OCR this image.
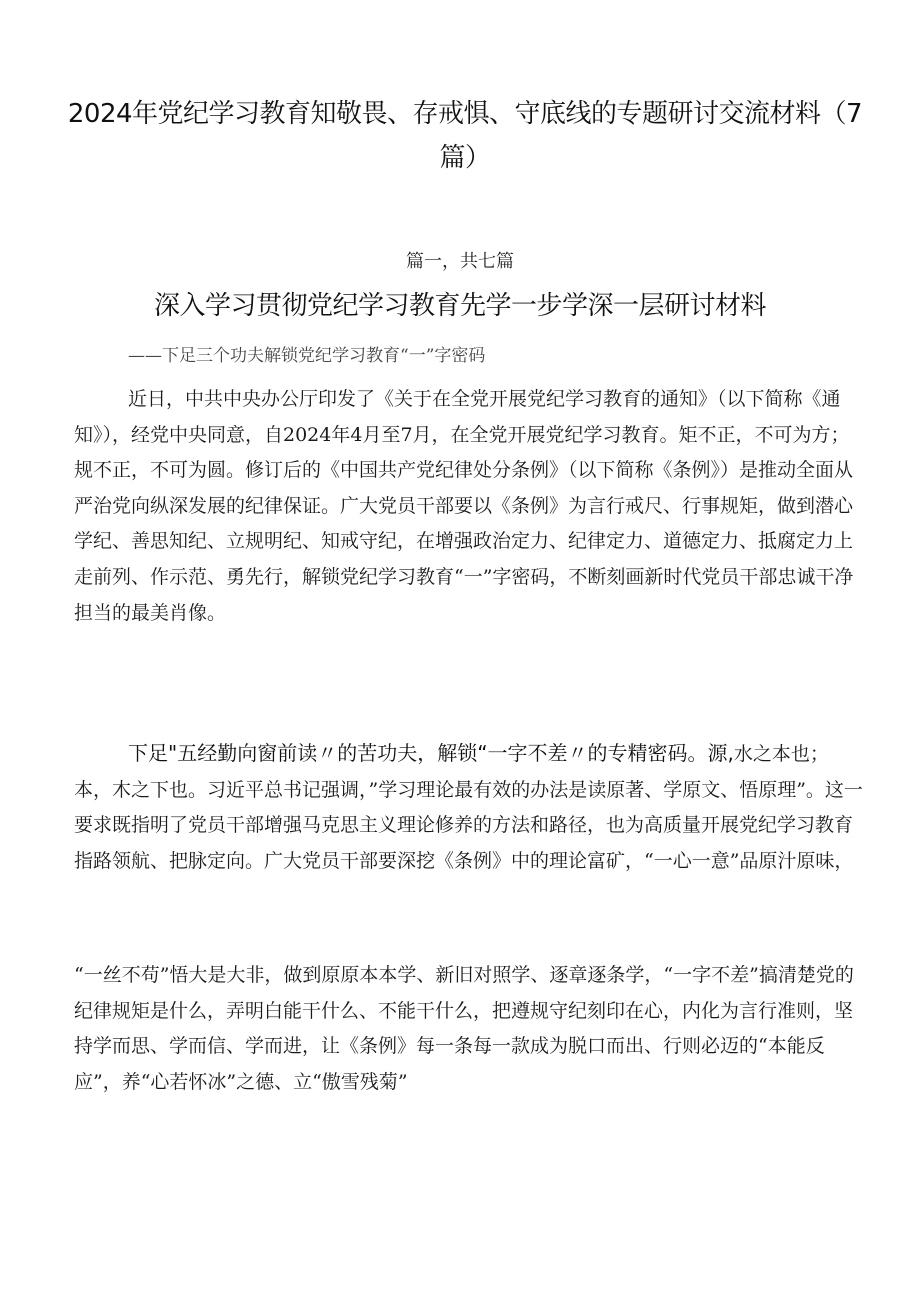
2024年党纪学习教育知敬畏、存戒惧、守底线的专题研讨交流材料（7篇）
篇一，共七篇
深入学习贯彻党纪学习教育先学一步学深一层研讨材料
——下足三个功夫解锁党纪学习教育“一”字密码

近日，中共中央办公厅印发了《关于在全党开展党纪学习教育的通知》（以下简称《通知》），经党中央同意，自2024年4月至7月，在全党开展党纪学习教育。矩不正，不可为方；规不正，不可为圆。修订后的《中国共产党纪律处分条例》（以下简称《条例》）是推动全面从严治党向纵深发展的纪律保证。广大党员干部要以《条例》为言行戒尺、行事规矩，做到潜心学纪、善思知纪、立规明纪、知戒守纪，在增强政治定力、纪律定力、道德定力、抵腐定力上走前列、作示范、勇先行，解锁党纪学习教育“一”字密码，不断刻画新时代党员干部忠诚干净担当的最美肖像。

下足"五经勤向窗前读〃的苦功夫，解锁“一字不差〃的专精密码。源,水之本也；本，木之下也。习近平总书记强调，”学习理论最有效的办法是读原著、学原文、悟原理”。这一要求既指明了党员干部增强马克思主义理论修养的方法和路径，也为高质量开展党纪学习教育指路领航、把脉定向。广大党员干部要深挖《条例》中的理论富矿，“一心一意”品原汁原味，

“一丝不苟”悟大是大非，做到原原本本学、新旧对照学、逐章逐条学，“一字不差”搞清楚党的纪律规矩是什么，弄明白能干什么、不能干什么，把遵规守纪刻印在心，内化为言行准则，坚持学而思、学而信、学而进，让《条例》每一条每一款成为脱口而出、行则必迈的“本能反应”，养“心若怀冰”之德、立“傲雪残菊”
